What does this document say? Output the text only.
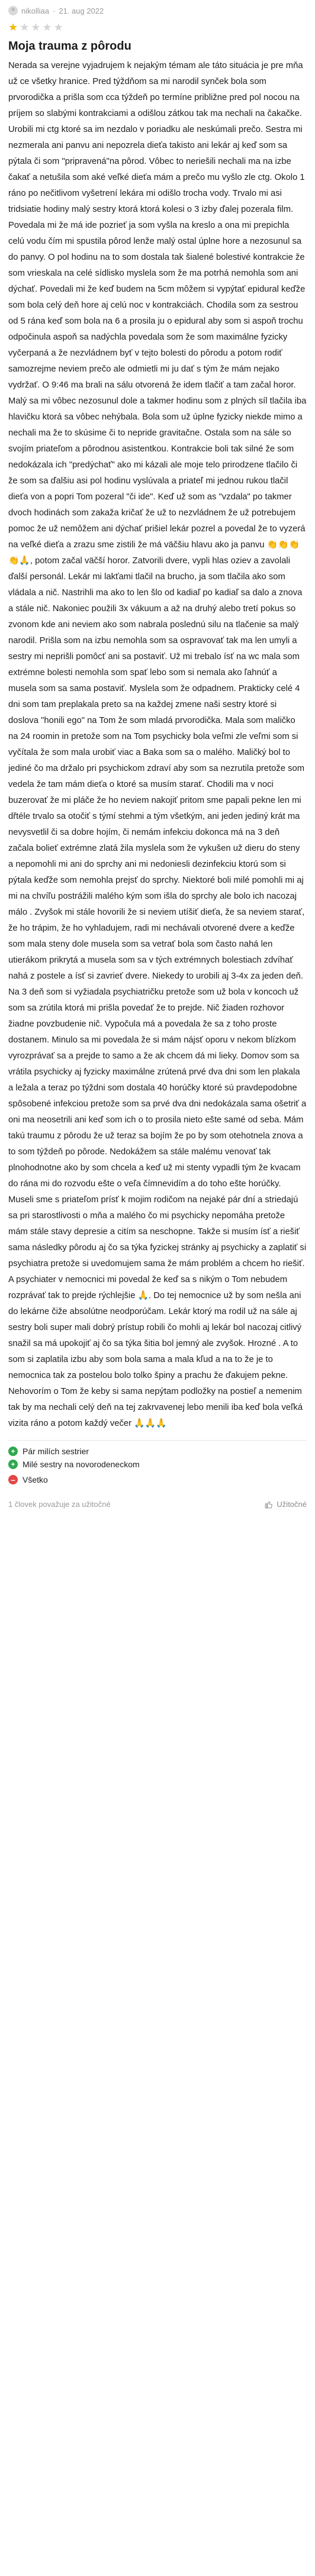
nikolliaa · 21. aug 2022
★★★★★
Moja trauma z pôrodu
Nerada sa verejne vyjadrujem k nejakým témam ale táto situácia je pre mňa už ce všetky hranice. Pred týždňom sa mi narodil synček bola som prvorodička a prišla som cca týždeň po termíne približne pred pol nocou na príjem so slabými kontrakciami a odišlou zátkou tak ma nechali na čakačke. Urobili mi ctg ktoré sa im nezdalo v poriadku ale neskúmali prečo. Sestra mi nezmerala ani panvu ani nepozrela dieťa takisto ani lekár aj keď som sa pýtala či som "pripravená"na pôrod. Vôbec to neriešili nechali ma na izbe čakať a netušila som aké veľké dieťa mám a prečo mu vyšlo zle ctg. Okolo 1 ráno po nečitlivom vyšetrení lekára mi odišlo trocha vody. Trvalo mi asi tridsiatie hodiny malý sestry ktorá ktorá kolesi o 3 izby ďalej pozerala film. Povedala mi že má ide pozrieť ja som vyšla na kreslo a ona mi prepichla celú vodu čím mi spustila pôrod lenže malý ostal úplne hore a nezosunul sa do panvy. O pol hodinu na to som dostala tak šialené bolestivé kontrakcie že som vrieskala na celé sídlisko myslela som že ma potrhá nemohla som ani dýchať. Povedali mi že keď budem na 5cm môžem si vypýtať epidural keďže som bola celý deň hore aj celú noc v kontrakciách. Chodila som za sestrou od 5 rána keď som bola na 6 a prosila ju o epidural aby som si aspoň trochu odpočinula aspoň sa nadýchla povedala som že som maximálne fyzicky vyčerpaná a že nezvládnem byť v tejto bolesti do pôrodu a potom rodiť samozrejme neviem prečo ale odmietli mi ju dať s tým že mám nejako vydržať. O 9:46 ma brali na sálu otvorená že idem tlačiť a tam začal horor. Malý sa mi vôbec nezosunul dole a takmer hodinu som z plných síl tlačila iba hlavičku ktorá sa vôbec nehýbala. Bola som už úplne fyzicky niekde mimo a nechali ma že to skúsime či to nepride gravitačne. Ostala som na sále so svojím priateľom a pôrodnou asistentkou. Kontrakcie boli tak silné že som nedokázala ich "predýchať" ako mi kázali ale moje telo prirodzene tlačilo či že som sa ďalšiu asi pol hodinu vyslúvala a priateľ mi jednou rukou tlačil dieťa von a popri Tom pozeral "či ide". Keď už som as "vzdala" po takmer dvoch hodinách som zakaža kričať že už to nezvládnem že už potrebujem pomoc že už nemôžem ani dýchať prišiel lekár pozrel a povedal že to vyzerá na veľké dieťa a zrazu sme zistili že má väčšiu hlavu ako ja panvu 👏👏👏👏🙏, potom začal väčší horor. Zatvorili dvere, vypli hlas oziev a zavolali ďalší personál. Lekár mi lakťami tlačil na brucho, ja som tlačila ako som vládala a nič. Nastrihli ma ako to len šlo od kadiaľ po kadiaľ sa dalo a znova a stále nič. Nakoniec použili 3x vákuum a až na druhý alebo tretí pokus so zvonom kde ani neviem ako som nabrala poslednú silu na tlačenie sa malý narodil. Prišla som na izbu nemohla som sa ospravovať tak ma len umyli a sestry mi neprišli pomôcť ani sa postaviť. Už mi trebalo ísť na wc mala som extrémne bolesti nemohla som spať lebo som si nemala ako ľahnúť a musela som sa sama postaviť. Myslela som že odpadnem. Prakticky celé 4 dni som tam preplakala preto sa na každej zmene naši sestry ktoré si doslova "honili ego" na Tom že som mladá prvorodička. Mala som maličko na 24 roomin in pretože som na Tom psychicky bola veľmi zle veľmi som si vyčítala že som mala urobiť viac a Baka som sa o malého. Maličký bol to jediné čo ma držalo pri psychickom zdraví aby som sa nezrutila pretože som vedela že tam mám dieťa o ktoré sa musím starať. Chodili ma v noci buzerovať že mi pláče že ho neviem nakojiť pritom sme papali pekne len mi dřtéle trvalo sa otočiť s týmí stehmi a tým všetkým, ani jeden jediný krát ma nevysvetlil či sa dobre hojím, či nemám infekciu dokonca má na 3 deň začala bolieť extrémne zlatá žila myslela som že vykušen už dieru do steny a nepomohli mi ani do sprchy ani mi nedoniesli dezinfekciu ktorú som si pýtala keďže som nemohla prejsť do sprchy. Niektoré boli milé pomohli mi aj mi na chvíľu postrážili malého kým som išla do sprchy ale bolo ich nacozaj málo . Zvyšok mi stále hovorili že si neviem utíšiť dieťa, že sa neviem starať, že ho trápim, že ho vyhladujem, radi mi nechávali otvorené dvere a keďže som mala steny dole musela som sa vetrať bola som často nahá len utierákom prikrytá a musela som sa v tých extrémnych bolestiach zdvíhať nahá z postele a ísť si zavrieť dvere. Niekedy to urobili aj 3-4x za jeden deň. Na 3 deň som si vyžiadala psychiatričku pretože som už bola v koncoch už som sa zrútila ktorá mi prišla povedať že to prejde. Nič žiaden rozhovor žiadne povzbudenie nič. Vypočula má a povedala že sa z toho proste dostanem. Minulo sa mi povedala že si mám nájsť oporu v nekom blízkom vyrozprávať sa a prejde to samo a že ak chcem dá mi lieky. Domov som sa vrátila psychicky aj fyzicky maximálne zrútená prvé dva dni som len plakala a ležala a teraz po týždni som dostala 40 horúčky ktoré sú pravdepodobne spôsobené infekciou pretože som sa prvé dva dni nedokázala sama ošetriť a oni ma neosetrili ani keď som ich o to prosila nieto ešte samé od seba. Mám takú traumu z pôrodu že už teraz sa bojím že po by som otehotnela znova a to som týždeň po pôrode. Nedokážem sa stále malému venovať tak plnohodnotne ako by som chcela a keď už mi stenty vypadli tým že kvacam do rána mi do rozvodu ešte o veľa čímnevidím a do toho ešte horúčky. Museli sme s priateľom prísť k mojim rodičom na nejaké pár dní a striedajú sa pri starostlivosti o mňa a malého čo mi psychicky nepomáha pretože mám stále stavy depresie a citím sa neschopne. Takže si musím ísť a riešiť sama následky pôrodu aj čo sa týka fyzickej stránky aj psychicky a zaplatiť si psychiatra pretože si uvedomujem sama že mám problém a chcem ho riešiť. A psychiater v nemocnici mi povedal že keď sa s nikým o Tom nebudem rozprávať tak to prejde rýchlejšie 🙏. Do tej nemocnice už by som nešla ani do lekárne čiže absolútne neodporúčam. Lekár ktorý ma rodil už na sále aj sestry boli super mali dobrý prístup robili čo mohli aj lekár bol nacozaj citlivý snažil sa má upokojiť aj čo sa týka šitia bol jemný ale zvyšok. Hrozné . A to som si zaplatila izbu aby som bola sama a mala kľud a na to že je to nemocnica tak za postelou bolo tolko špiny a prachu že ďakujem pekne. Nehovorím o Tom že keby si sama nepýtam podložky na postieľ a nemenim tak by ma nechali celý deň na tej zakrvavenej lebo menili iba keď bola veľká vizita ráno a potom každý večer 🙏🙏🙏
+ Pár milích sestrier
+ Milé sestry na novorodeneckom
– Všetko
1 človek považuje za užitočné	Užitočné
